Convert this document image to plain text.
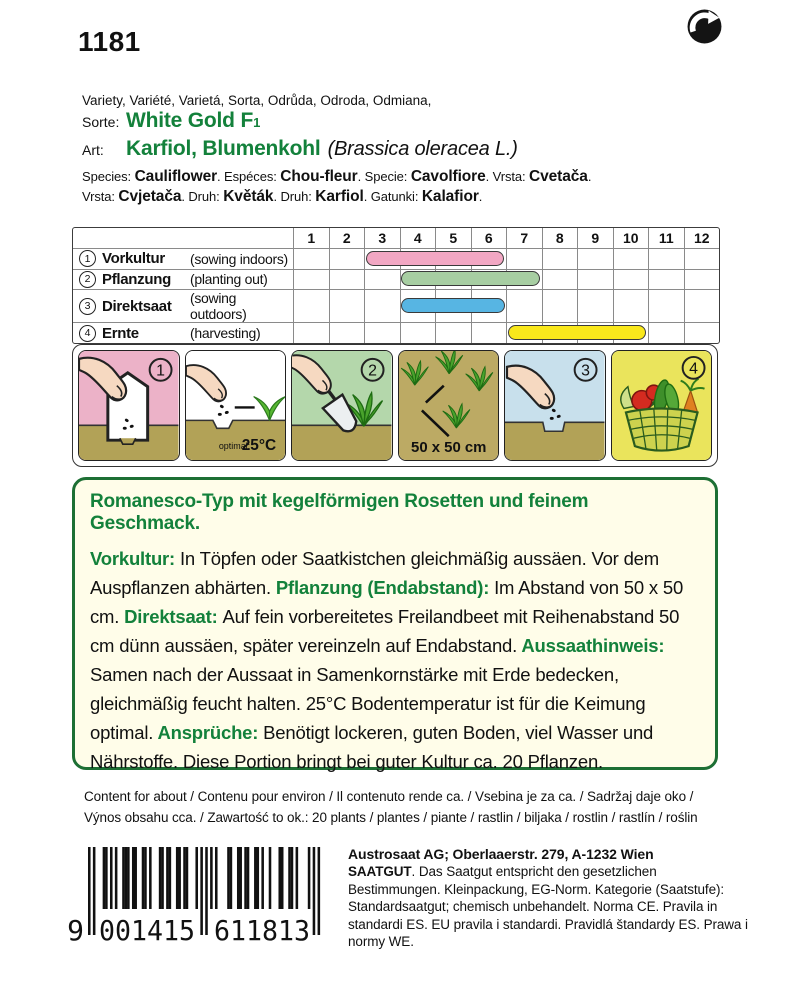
1181
Variety, Variété, Varietá, Sorta, Odrůda, Odroda, Odmiana,
Sorte: White Gold F1
Art:	Karfiol, Blumenkohl (Brassica oleracea L.)
Species: Cauliflower. Espéces: Chou-fleur. Specie: Cavolfiore. Vrsta: Cvetača.
Vrsta: Cvjetača. Druh: Květák. Druh: Karfiol. Gatunki: Kalafior.
1	2	3	4	5	6	7	8	9	10	11	12
1 Vorkultur	(sowing indoors)
2 Pflanzung	(planting out)
3 Direktsaat	(sowing outdoors)
4 Ernte	(harvesting)
1
optimal:
25°C
2
50 x 50 cm
3	4

Romanesco-Typ mit kegelförmigen Rosetten und feinem Geschmack.

Vorkultur: In Töpfen oder Saatkistchen gleichmäßig aussäen. Vor dem Auspflanzen abhärten. Pflanzung (Endabstand): Im Abstand von 50 x 50 cm. Direktsaat: Auf fein vorbereitetes Freilandbeet mit Reihenabstand 50 cm dünn aussäen, später vereinzeln auf Endabstand. Aussaathinweis: Samen nach der Aussaat in Samenkornstärke mit Erde bedecken, gleichmäßig feucht halten. 25°C Bodentemperatur ist für die Keimung optimal. Ansprüche: Benötigt lockeren, guten Boden, viel Wasser und Nährstoffe. Diese Portion bringt bei guter Kultur ca. 20 Pflanzen.

Content for about / Contenu pour environ / Il contenuto rende ca. / Vsebina je za ca. / Sadržaj daje oko / Výnos obsahu cca. / Zawartość to ok.: 20 plants / plantes / piante / rastlin / biljaka / rostlin / rastlín / roślin
9 001415 611813
Austrosaat AG; Oberlaaerstr. 279, A-1232 Wien
SAATGUT. Das Saatgut entspricht den gesetzlichen Bestimmungen. Kleinpackung, EG-Norm. Kategorie (Saatstufe): Standardsaatgut; chemisch unbehandelt. Norma CE. Pravila in standardi ES. EU pravila i standardi. Pravidlá štandardy ES. Prawa i normy WE.
